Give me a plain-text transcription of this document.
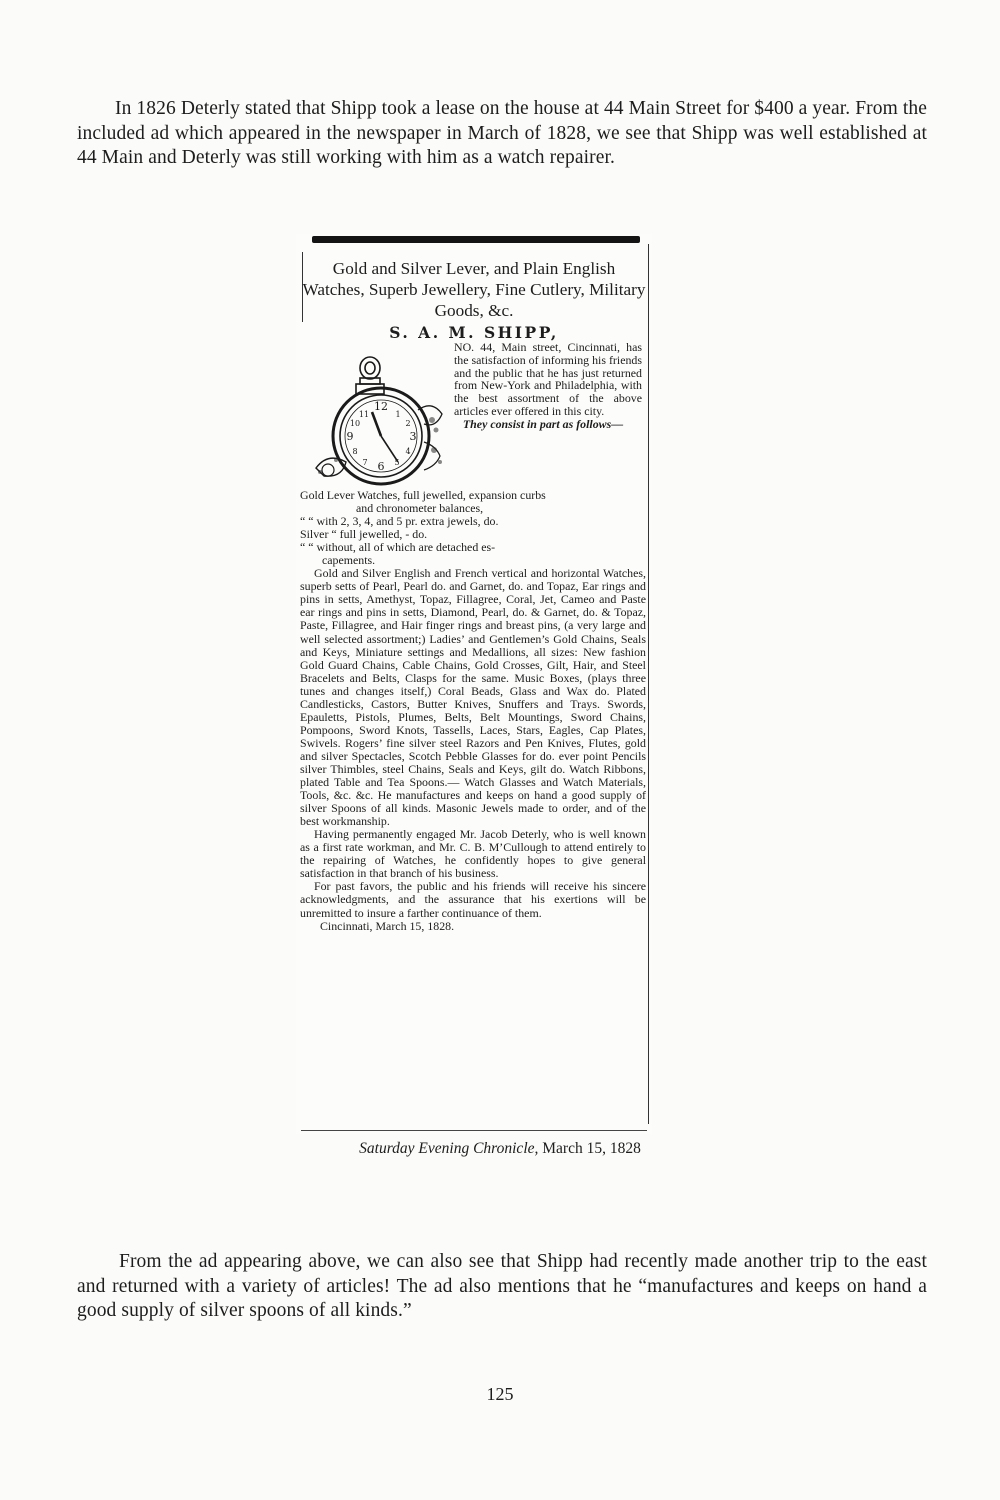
In 1826 Deterly stated that Shipp took a lease on the house at 44 Main Street for $400 a year. From the included ad which appeared in the newspaper in March of 1828, we see that Shipp was well established at 44 Main and Deterly was still working with him as a watch repairer.

Gold and Silver Lever, and Plain English Watches, Superb Jewellery, Fine Cutlery, Military Goods, &c.

S. A. M. SHIPP,

12
3
6
9
1
2
4
5
7
8
10
11

NO. 44, Main street, Cincinnati, has the satisfaction of informing his friends and the public that he has just returned from New-York and Philadelphia, with the best assortment of the above articles ever offered in this city.
They consist in part as follows—

Gold Lever Watches, full jewelled, expansion curbs
and chronometer balances,
“ “ with 2, 3, 4, and 5 pr. extra jewels, do.
Silver “ full jewelled, - do.
“ “ without, all of which are detached es-
capements.
Gold and Silver English and French vertical and horizontal Watches, superb setts of Pearl, Pearl do. and Garnet, do. and Topaz, Ear rings and pins in setts, Amethyst, Topaz, Fillagree, Coral, Jet, Cameo and Paste ear rings and pins in setts, Diamond, Pearl, do. & Garnet, do. & Topaz, Paste, Fillagree, and Hair finger rings and breast pins, (a very large and well selected assortment;) Ladies’ and Gentlemen’s Gold Chains, Seals and Keys, Miniature settings and Medallions, all sizes: New fashion Gold Guard Chains, Cable Chains, Gold Crosses, Gilt, Hair, and Steel Bracelets and Belts, Clasps for the same. Music Boxes, (plays three tunes and changes itself,) Coral Beads, Glass and Wax do. Plated Candlesticks, Castors, Butter Knives, Snuffers and Trays. Swords, Epauletts, Pistols, Plumes, Belts, Belt Mountings, Sword Chains, Pompoons, Sword Knots, Tassells, Laces, Stars, Eagles, Cap Plates, Swivels. Rogers’ fine silver steel Razors and Pen Knives, Flutes, gold and silver Spectacles, Scotch Pebble Glasses for do. ever point Pencils silver Thimbles, steel Chains, Seals and Keys, gilt do. Watch Ribbons, plated Table and Tea Spoons.— Watch Glasses and Watch Materials, Tools, &c. &c. He manufactures and keeps on hand a good supply of silver Spoons of all kinds. Masonic Jewels made to order, and of the best workmanship.
Having permanently engaged Mr. Jacob Deterly, who is well known as a first rate workman, and Mr. C. B. M’Cullough to attend entirely to the repairing of Watches, he confidently hopes to give general satisfaction in that branch of his business.
For past favors, the public and his friends will receive his sincere acknowledgments, and the assurance that his exertions will be unremitted to insure a farther continuance of them.
Cincinnati, March 15, 1828.

Saturday Evening Chronicle, March 15, 1828

From the ad appearing above, we can also see that Shipp had recently made another trip to the east and returned with a variety of articles! The ad also mentions that he “manufactures and keeps on hand a good supply of silver spoons of all kinds.”

125
